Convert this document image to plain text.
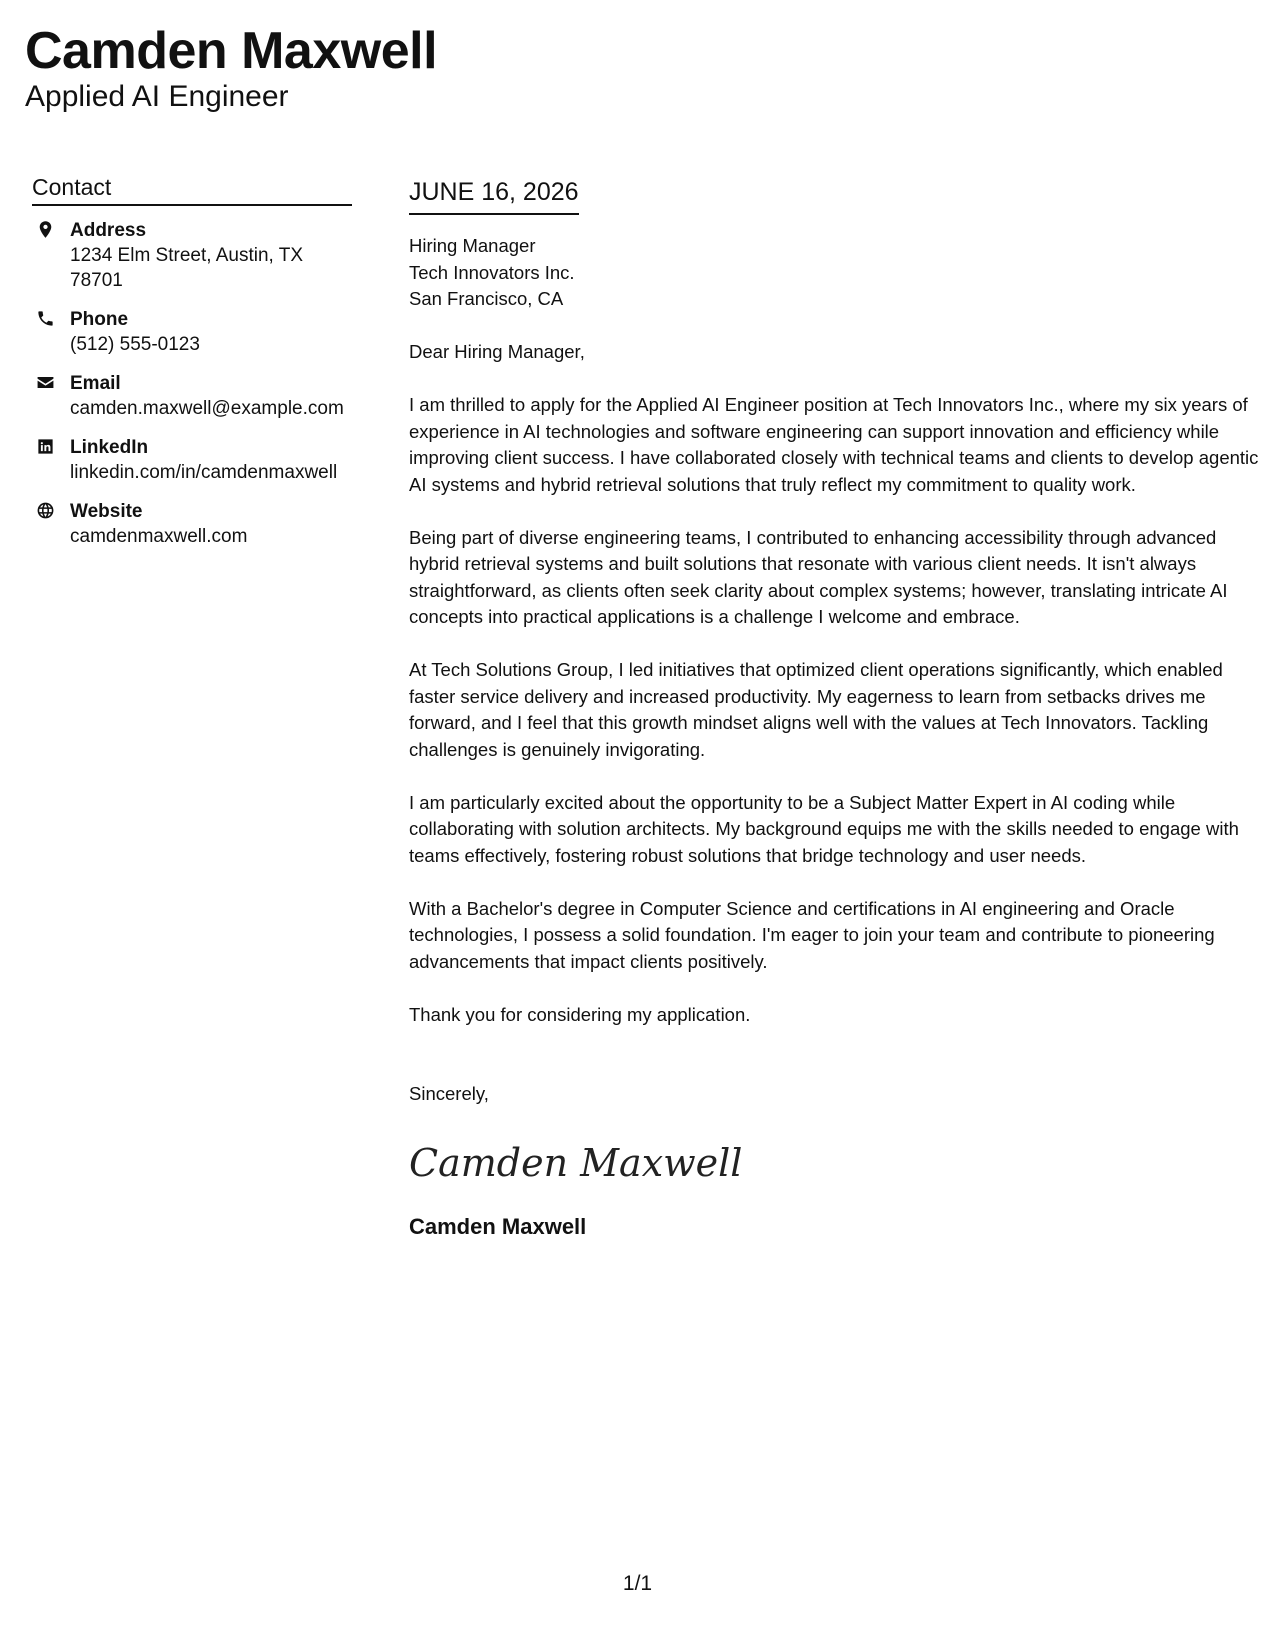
Camden Maxwell
Applied AI Engineer
Contact
Address
1234 Elm Street, Austin, TX 78701
Phone
(512) 555-0123
Email
camden.maxwell@example.com
LinkedIn
linkedin.com/in/camdenmaxwell
Website
camdenmaxwell.com
JUNE 16, 2026
Hiring Manager
Tech Innovators Inc.
San Francisco, CA

Dear Hiring Manager,

I am thrilled to apply for the Applied AI Engineer position at Tech Innovators Inc., where my six years of experience in AI technologies and software engineering can support innovation and efficiency while improving client success. I have collaborated closely with technical teams and clients to develop agentic AI systems and hybrid retrieval solutions that truly reflect my commitment to quality work.

Being part of diverse engineering teams, I contributed to enhancing accessibility through advanced hybrid retrieval systems and built solutions that resonate with various client needs. It isn't always straightforward, as clients often seek clarity about complex systems; however, translating intricate AI concepts into practical applications is a challenge I welcome and embrace.

At Tech Solutions Group, I led initiatives that optimized client operations significantly, which enabled faster service delivery and increased productivity. My eagerness to learn from setbacks drives me forward, and I feel that this growth mindset aligns well with the values at Tech Innovators. Tackling challenges is genuinely invigorating.

I am particularly excited about the opportunity to be a Subject Matter Expert in AI coding while collaborating with solution architects. My background equips me with the skills needed to engage with teams effectively, fostering robust solutions that bridge technology and user needs.

With a Bachelor's degree in Computer Science and certifications in AI engineering and Oracle technologies, I possess a solid foundation. I'm eager to join your team and contribute to pioneering advancements that impact clients positively.

Thank you for considering my application.

Sincerely,
Camden Maxwell
Camden Maxwell
1/1
